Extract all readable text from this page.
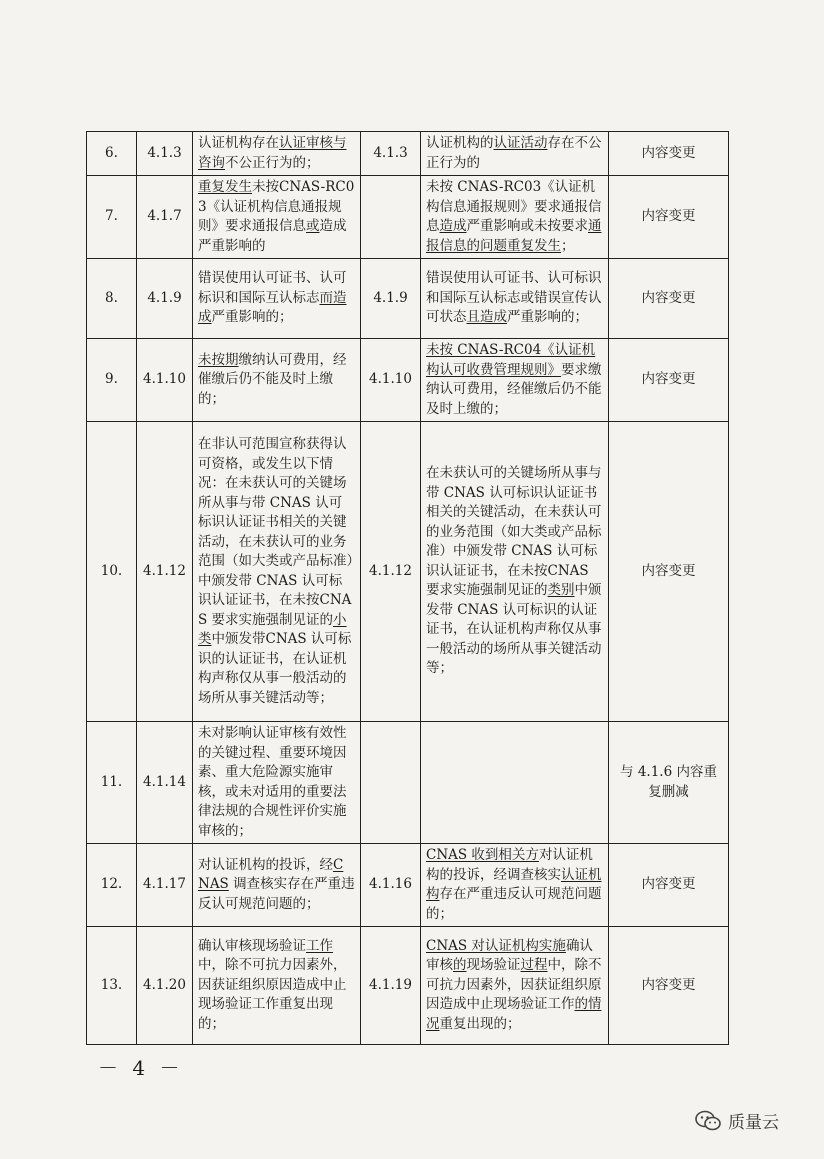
6.	4.1.3	认证机构存在认证审核与咨询不公正行为的；	4.1.3	认证机构的认证活动存在不公正行为的	内容变更
7.	4.1.7	重复发生未按CNAS-RC03《认证机构信息通报规则》要求通报信息或造成严重影响的		未按 CNAS-RC03《认证机构信息通报规则》要求通报信息造成严重影响或未按要求通报信息的问题重复发生；	内容变更
8.	4.1.9	错误使用认可证书、认可标识和国际互认标志而造成严重影响的；	4.1.9	错误使用认可证书、认可标识和国际互认标志或错误宣传认可状态且造成严重影响的；	内容变更
9.	4.1.10	未按期缴纳认可费用，经催缴后仍不能及时上缴的；	4.1.10	未按 CNAS-RC04《认证机构认可收费管理规则》要求缴纳认可费用，经催缴后仍不能及时上缴的；	内容变更
10.	4.1.12	在非认可范围宣称获得认可资格，或发生以下情况：在未获认可的关键场所从事与带 CNAS 认可标识认证证书相关的关键活动，在未获认可的业务范围（如大类或产品标准）中颁发带 CNAS 认可标识认证证书，在未按CNAS 要求实施强制见证的小类中颁发带CNAS 认可标识的认证证书，在认证机构声称仅从事一般活动的场所从事关键活动等；	4.1.12	在未获认可的关键场所从事与带 CNAS 认可标识认证证书相关的关键活动，在未获认可的业务范围（如大类或产品标准）中颁发带 CNAS 认可标识认证证书，在未按CNAS 要求实施强制见证的类别中颁发带 CNAS 认可标识的认证证书，在认证机构声称仅从事一般活动的场所从事关键活动等；	内容变更
11.	4.1.14	未对影响认证审核有效性的关键过程、重要环境因素、重大危险源实施审核，或未对适用的重要法律法规的合规性评价实施审核的；			与 4.1.6 内容重复删减
12.	4.1.17	对认证机构的投诉，经CNAS 调查核实存在严重违反认可规范问题的；	4.1.16	CNAS 收到相关方对认证机构的投诉，经调查核实认证机构存在严重违反认可规范问题的；	内容变更
13.	4.1.20	确认审核现场验证工作中，除不可抗力因素外，因获证组织原因造成中止现场验证工作重复出现的；	4.1.19	CNAS 对认证机构实施确认审核的现场验证过程中，除不可抗力因素外，因获证组织原因造成中止现场验证工作的情况重复出现的；	内容变更
－ 4 －
质量云
